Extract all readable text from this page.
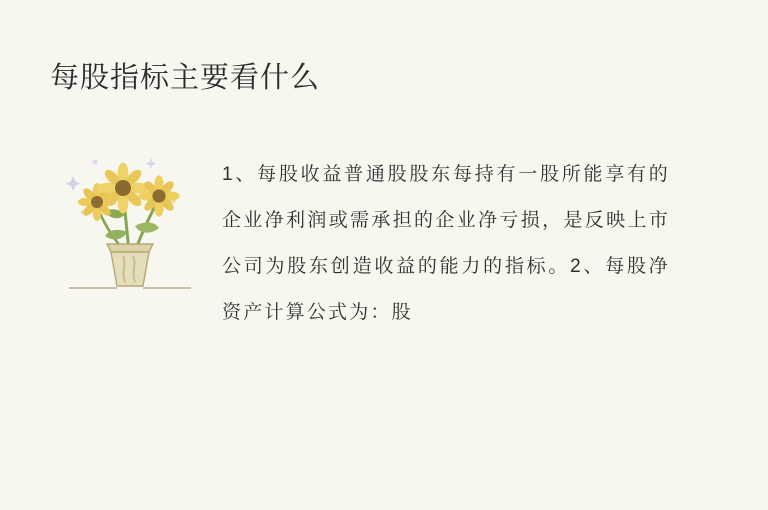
每股指标主要看什么
1、每股收益普通股股东每持有一股所能享有的企业净利润或需承担的企业净亏损，是反映上市公司为股东创造收益的能力的指标。2、每股净资产计算公式为：股
